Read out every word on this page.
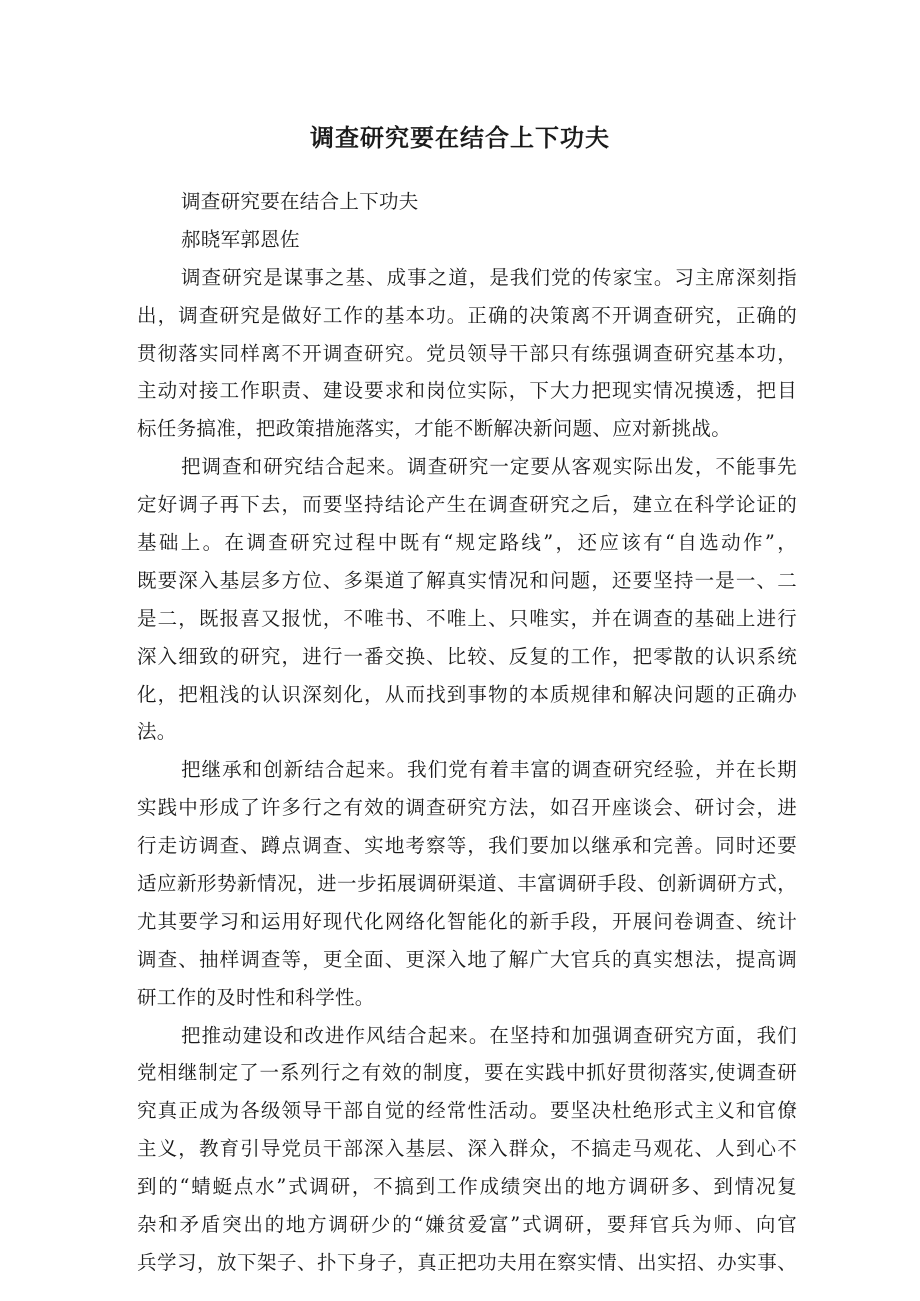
调查研究要在结合上下功夫
调查研究要在结合上下功夫
郝晓军郭恩佐
调查研究是谋事之基、成事之道，是我们党的传家宝。习主席深刻指
出，调查研究是做好工作的基本功。正确的决策离不开调查研究，正确的
贯彻落实同样离不开调查研究。党员领导干部只有练强调查研究基本功，
主动对接工作职责、建设要求和岗位实际，下大力把现实情况摸透，把目
标任务搞准，把政策措施落实，才能不断解决新问题、应对新挑战。
把调查和研究结合起来。调查研究一定要从客观实际出发，不能事先
定好调子再下去，而要坚持结论产生在调查研究之后，建立在科学论证的
基础上。在调查研究过程中既有“规定路线”，还应该有“自选动作”，
既要深入基层多方位、多渠道了解真实情况和问题，还要坚持一是一、二
是二，既报喜又报忧，不唯书、不唯上、只唯实，并在调查的基础上进行
深入细致的研究，进行一番交换、比较、反复的工作，把零散的认识系统
化，把粗浅的认识深刻化，从而找到事物的本质规律和解决问题的正确办
法。
把继承和创新结合起来。我们党有着丰富的调查研究经验，并在长期
实践中形成了许多行之有效的调查研究方法，如召开座谈会、研讨会，进
行走访调查、蹲点调查、实地考察等，我们要加以继承和完善。同时还要
适应新形势新情况，进一步拓展调研渠道、丰富调研手段、创新调研方式，
尤其要学习和运用好现代化网络化智能化的新手段，开展问卷调查、统计
调查、抽样调查等，更全面、更深入地了解广大官兵的真实想法，提高调
研工作的及时性和科学性。
把推动建设和改进作风结合起来。在坚持和加强调查研究方面，我们
党相继制定了一系列行之有效的制度，要在实践中抓好贯彻落实,使调查研
究真正成为各级领导干部自觉的经常性活动。要坚决杜绝形式主义和官僚
主义，教育引导党员干部深入基层、深入群众，不搞走马观花、人到心不
到的“蜻蜓点水”式调研，不搞到工作成绩突出的地方调研多、到情况复
杂和矛盾突出的地方调研少的“嫌贫爱富”式调研，要拜官兵为师、向官
兵学习，放下架子、扑下身子，真正把功夫用在察实情、出实招、办实事、
